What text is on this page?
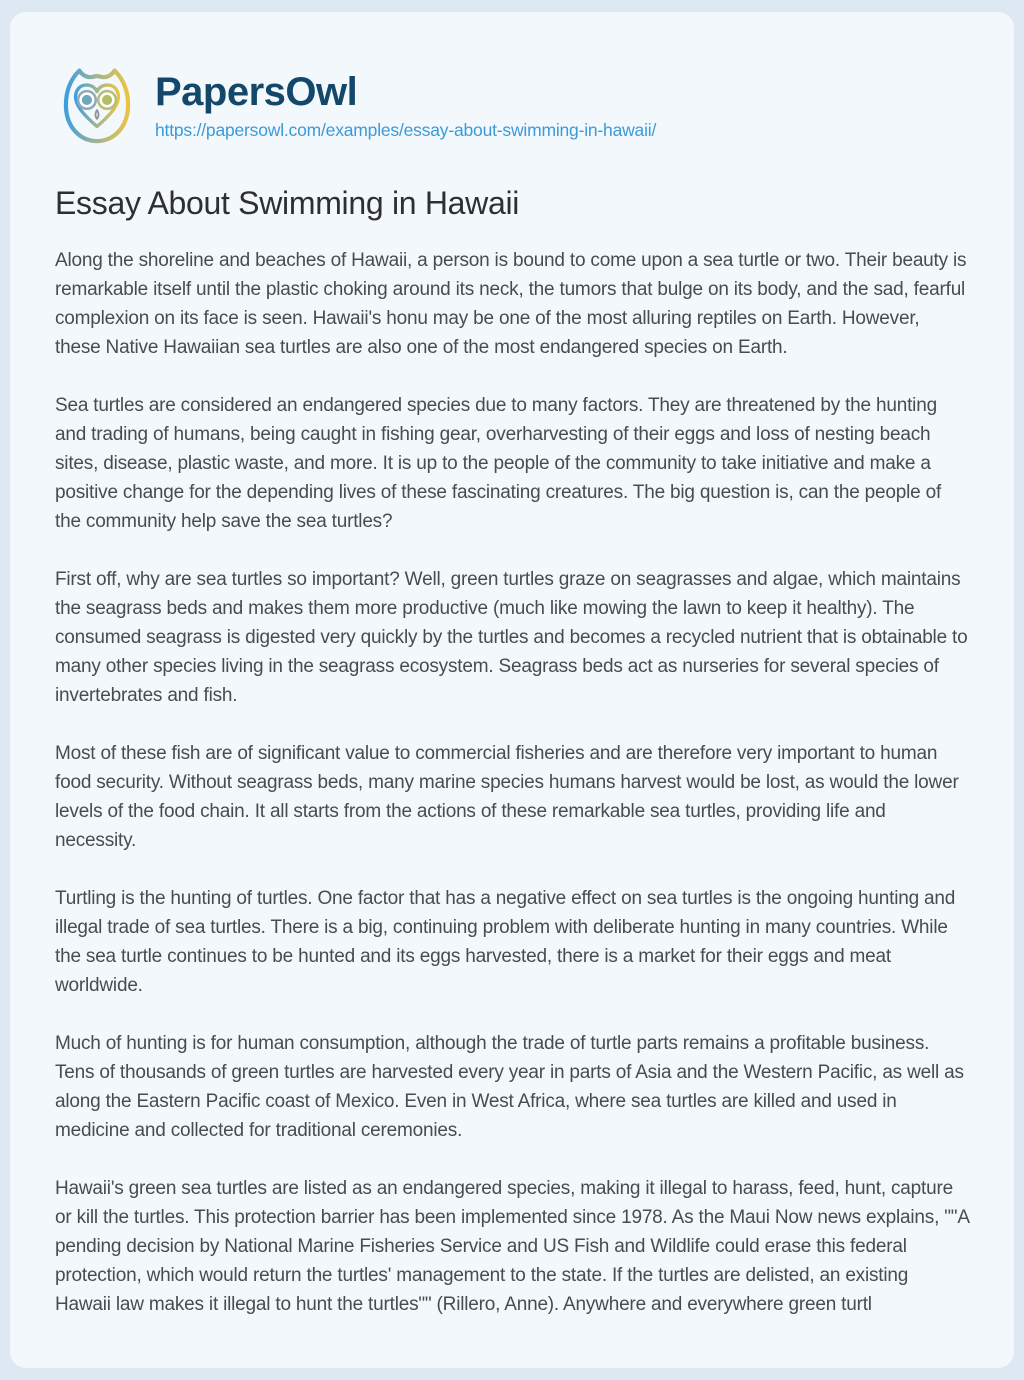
PapersOwl
https://papersowl.com/examples/essay-about-swimming-in-hawaii/
Essay About Swimming in Hawaii

Along the shoreline and beaches of Hawaii, a person is bound to come upon a sea turtle or two. Their beauty is remarkable itself until the plastic choking around its neck, the tumors that bulge on its body, and the sad, fearful complexion on its face is seen. Hawaii's honu may be one of the most alluring reptiles on Earth. However, these Native Hawaiian sea turtles are also one of the most endangered species on Earth.

Sea turtles are considered an endangered species due to many factors. They are threatened by the hunting and trading of humans, being caught in fishing gear, overharvesting of their eggs and loss of nesting beach sites, disease, plastic waste, and more. It is up to the people of the community to take initiative and make a positive change for the depending lives of these fascinating creatures. The big question is, can the people of the community help save the sea turtles?

First off, why are sea turtles so important? Well, green turtles graze on seagrasses and algae, which maintains the seagrass beds and makes them more productive (much like mowing the lawn to keep it healthy). The consumed seagrass is digested very quickly by the turtles and becomes a recycled nutrient that is obtainable to many other species living in the seagrass ecosystem. Seagrass beds act as nurseries for several species of invertebrates and fish.

Most of these fish are of significant value to commercial fisheries and are therefore very important to human food security. Without seagrass beds, many marine species humans harvest would be lost, as would the lower levels of the food chain. It all starts from the actions of these remarkable sea turtles, providing life and necessity.

Turtling is the hunting of turtles. One factor that has a negative effect on sea turtles is the ongoing hunting and illegal trade of sea turtles. There is a big, continuing problem with deliberate hunting in many countries. While the sea turtle continues to be hunted and its eggs harvested, there is a market for their eggs and meat worldwide.

Much of hunting is for human consumption, although the trade of turtle parts remains a profitable business. Tens of thousands of green turtles are harvested every year in parts of Asia and the Western Pacific, as well as along the Eastern Pacific coast of Mexico. Even in West Africa, where sea turtles are killed and used in medicine and collected for traditional ceremonies.

Hawaii's green sea turtles are listed as an endangered species, making it illegal to harass, feed, hunt, capture or kill the turtles. This protection barrier has been implemented since 1978. As the Maui Now news explains, ""A pending decision by National Marine Fisheries Service and US Fish and Wildlife could erase this federal protection, which would return the turtles' management to the state. If the turtles are delisted, an existing Hawaii law makes it illegal to hunt the turtles"" (Rillero, Anne). Anywhere and everywhere green turtl
